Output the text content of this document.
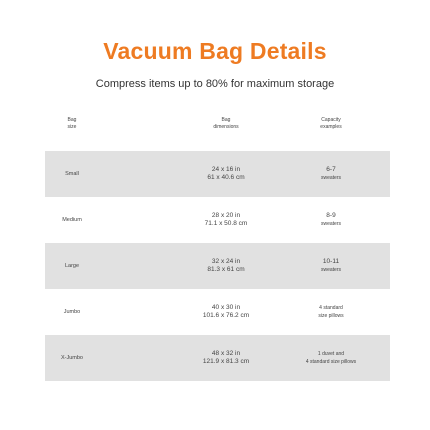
Vacuum Bag Details
Compress items up to 80% for maximum storage
Bag
size
Bag
dimensions
Capacity
examples
Small
24 x 16 in
61 x 40.6 cm
6-7
sweaters
Medium
28 x 20 in
71.1 x 50.8 cm
8-9
sweaters
Large
32 x 24 in
81.3 x 61 cm
10-11
sweaters
Jumbo
40 x 30 in
101.6 x 76.2 cm
4 standard
size pillows
X-Jumbo
48 x 32 in
121.9 x 81.3 cm
1 duvet and
4 standard size pillows
